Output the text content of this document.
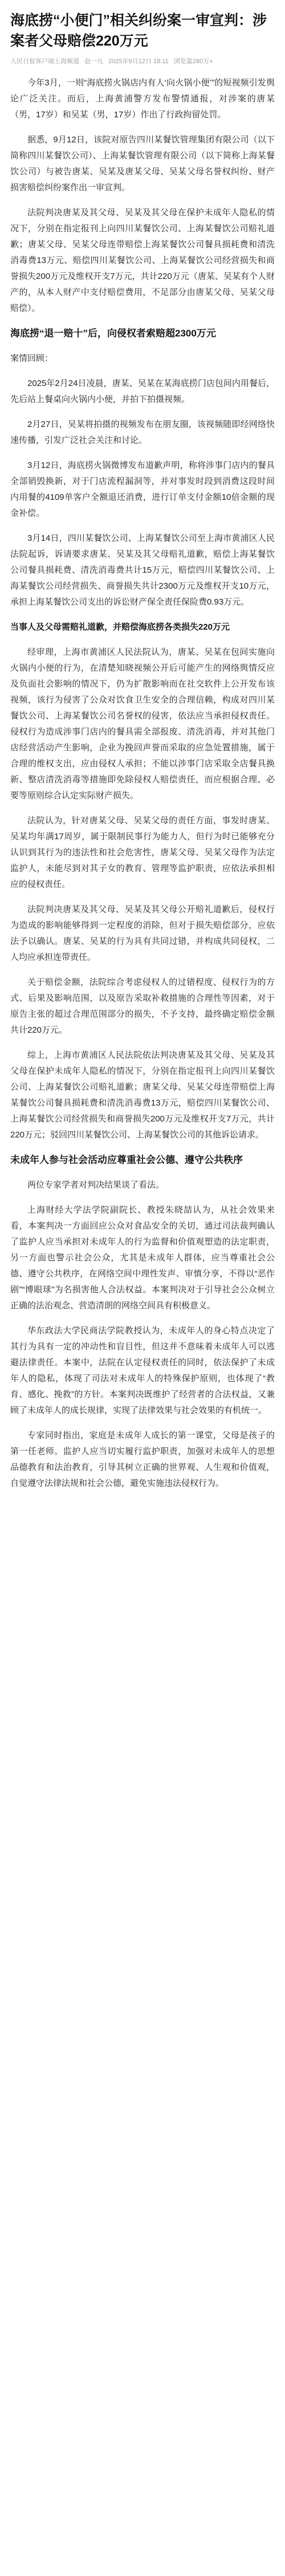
海底捞“小便门”相关纠纷案一审宣判：涉案者父母赔偿220万元
人民日报客户端上海频道 赵一凡 2025年9月12日 18:11 浏览量280万+

今年3月，一则“海底捞火锅店内有人‘向火锅小便’”的短视频引发舆论广泛关注。而后，上海黄浦警方发布警情通报，对涉案的唐某（男，17岁）和吴某（男，17岁）作出了行政拘留处罚。

据悉，9月12日，该院对原告四川某餐饮管理集团有限公司（以下简称四川某餐饮公司）、上海某餐饮管理有限公司（以下简称上海某餐饮公司）与被告唐某、吴某及唐某父母、吴某父母名誉权纠纷、财产损害赔偿纠纷案作出一审宣判。

法院判决唐某及其父母、吴某及其父母在保护未成年人隐私的情况下，分别在指定报刊上向四川某餐饮公司、上海某餐饮公司赔礼道歉；唐某父母、吴某父母连带赔偿上海某餐饮公司餐具损耗费和清洗消毒费13万元、赔偿四川某餐饮公司、上海某餐饮公司经营损失和商誉损失200万元及维权开支7万元，共计220万元（唐某、吴某有个人财产的，从本人财产中支付赔偿费用，不足部分由唐某父母、吴某父母赔偿）。

海底捞“退一赔十”后，向侵权者索赔超2300万元

案情回顾：

2025年2月24日凌晨，唐某、吴某在某海底捞门店包间内用餐后，先后站上餐桌向火锅内小便，并拍下拍摄视频。

2月27日，吴某将拍摄的视频发布在朋友圈，该视频随即经网络快速传播，引发广泛社会关注和讨论。

3月12日，海底捞火锅微博发布道歉声明，称将涉事门店内的餐具全部销毁换新，对于门店流程漏洞等，并对事发时段到消费这段时间内用餐的4109单客户全额退还消费，进行订单支付金额10倍金额的现金补偿。

3月14日，四川某餐饮公司、上海某餐饮公司至上海市黄浦区人民法院起诉，诉请要求唐某、吴某及其父母赔礼道歉，赔偿上海某餐饮公司餐具损耗费、清洗消毒费共计15万元，赔偿四川某餐饮公司、上海某餐饮公司经营损失、商誉损失共计2300万元及维权开支10万元，承担上海某餐饮公司支出的诉讼财产保全责任保险费0.93万元。

当事人及父母需赔礼道歉，并赔偿海底捞各类损失220万元

经审理，上海市黄浦区人民法院认为，唐某、吴某在包间实施向火锅内小便的行为，在清楚知晓视频公开后可能产生的网络舆情反应及负面社会影响的情况下，仍为扩散影响而在社交软件上公开发布该视频，该行为侵害了公众对饮食卫生安全的合理信赖，构成对四川某餐饮公司、上海某餐饮公司名誉权的侵害，依法应当承担侵权责任。侵权行为造成涉事门店内的餐具需全部报废、清洗消毒，并对其他门店经营活动产生影响，企业为挽回声誉而采取的应急处置措施，属于合理的维权支出，应由侵权人承担；不能以涉事门店采取全店餐具换新、整店清洗消毒等措施即免除侵权人赔偿责任，而应根据合理、必要等原则综合认定实际财产损失。

法院认为，针对唐某父母、吴某父母的责任方面，事发时唐某、吴某均年满17周岁，属于限制民事行为能力人，但行为时已能够充分认识到其行为的违法性和社会危害性，唐某父母、吴某父母作为法定监护人，未能尽到对其子女的教育、管理等监护职责，应依法承担相应的侵权责任。

法院判决唐某及其父母、吴某及其父母公开赔礼道歉后，侵权行为造成的影响能够得到一定程度的消除，但对于损失赔偿部分，应依法予以确认。唐某、吴某的行为具有共同过错，并构成共同侵权，二人均应承担连带责任。

关于赔偿金额，法院综合考虑侵权人的过错程度、侵权行为的方式、后果及影响范围，以及原告采取补救措施的合理性等因素，对于原告主张的超过合理范围部分的损失，不予支持，最终确定赔偿金额共计220万元。

综上，上海市黄浦区人民法院依法判决唐某及其父母、吴某及其父母在保护未成年人隐私的情况下，分别在指定报刊上向四川某餐饮公司、上海某餐饮公司赔礼道歉；唐某父母、吴某父母连带赔偿上海某餐饮公司餐具损耗费和清洗消毒费13万元，赔偿四川某餐饮公司、上海某餐饮公司经营损失和商誉损失200万元及维权开支7万元，共计220万元；驳回四川某餐饮公司、上海某餐饮公司的其他诉讼请求。

未成年人参与社会活动应尊重社会公德、遵守公共秩序

两位专家学者对判决结果谈了看法。

上海财经大学法学院副院长、教授朱晓喆认为，从社会效果来看，本案判决一方面回应公众对食品安全的关切，通过司法裁判确认了监护人应当承担对未成年人的行为监督和价值观塑造的法定职责，另一方面也警示社会公众，尤其是未成年人群体，应当尊重社会公德、遵守公共秩序，在网络空间中理性发声、审慎分享，不得以“恶作剧”“博眼球”为名损害他人合法权益。本案判决对于引导社会公众树立正确的法治观念、营造清朗的网络空间具有积极意义。

华东政法大学民商法学院教授认为，未成年人的身心特点决定了其行为具有一定的冲动性和盲目性，但这并不意味着未成年人可以逃避法律责任。本案中，法院在认定侵权责任的同时，依法保护了未成年人的隐私，体现了司法对未成年人的特殊保护原则，也体现了“教育、感化、挽救”的方针。本案判决既维护了经营者的合法权益，又兼顾了未成年人的成长规律，实现了法律效果与社会效果的有机统一。

专家同时指出，家庭是未成年人成长的第一课堂，父母是孩子的第一任老师。监护人应当切实履行监护职责，加强对未成年人的思想品德教育和法治教育，引导其树立正确的世界观、人生观和价值观，自觉遵守法律法规和社会公德，避免实施违法侵权行为。
